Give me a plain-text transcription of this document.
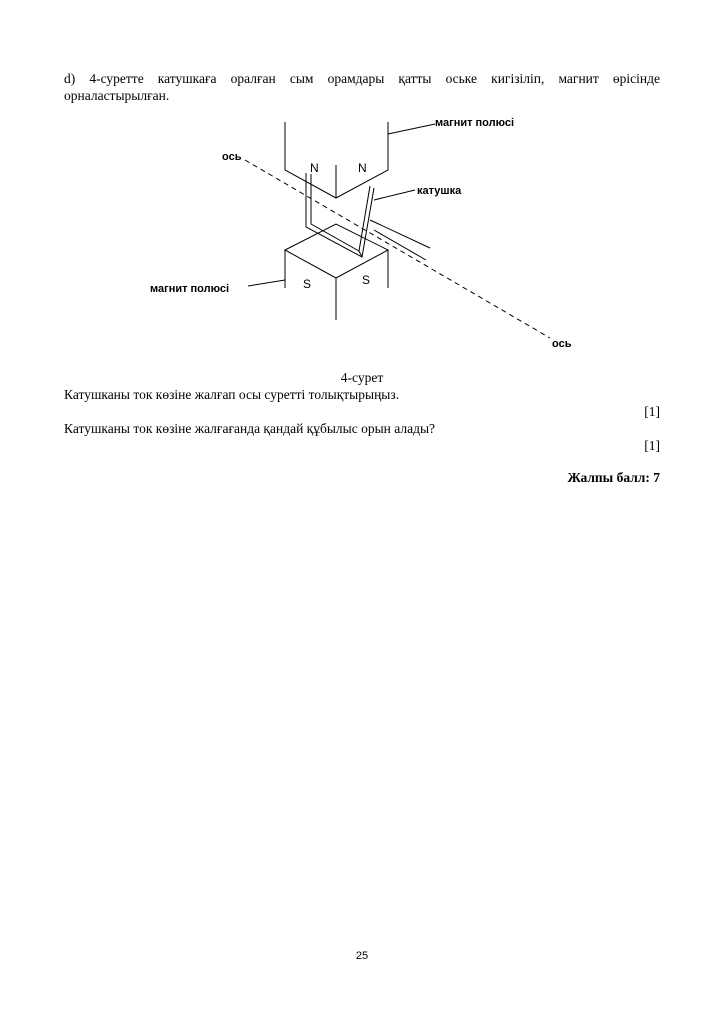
d) 4-суретте катушкаға оралған сым орамдары қатты оське кигізіліп, магнит өрісінде
орналастырылған.
N	N
S	S
магнит полюсі
катушка
магнит полюсі
ось
ось
4-сурет
Катушканы ток көзіне жалғап осы суретті толықтырыңыз.
[1]
Катушканы ток көзіне жалғағанда қандай құбылыс орын алады?
[1]
Жалпы балл: 7
25
